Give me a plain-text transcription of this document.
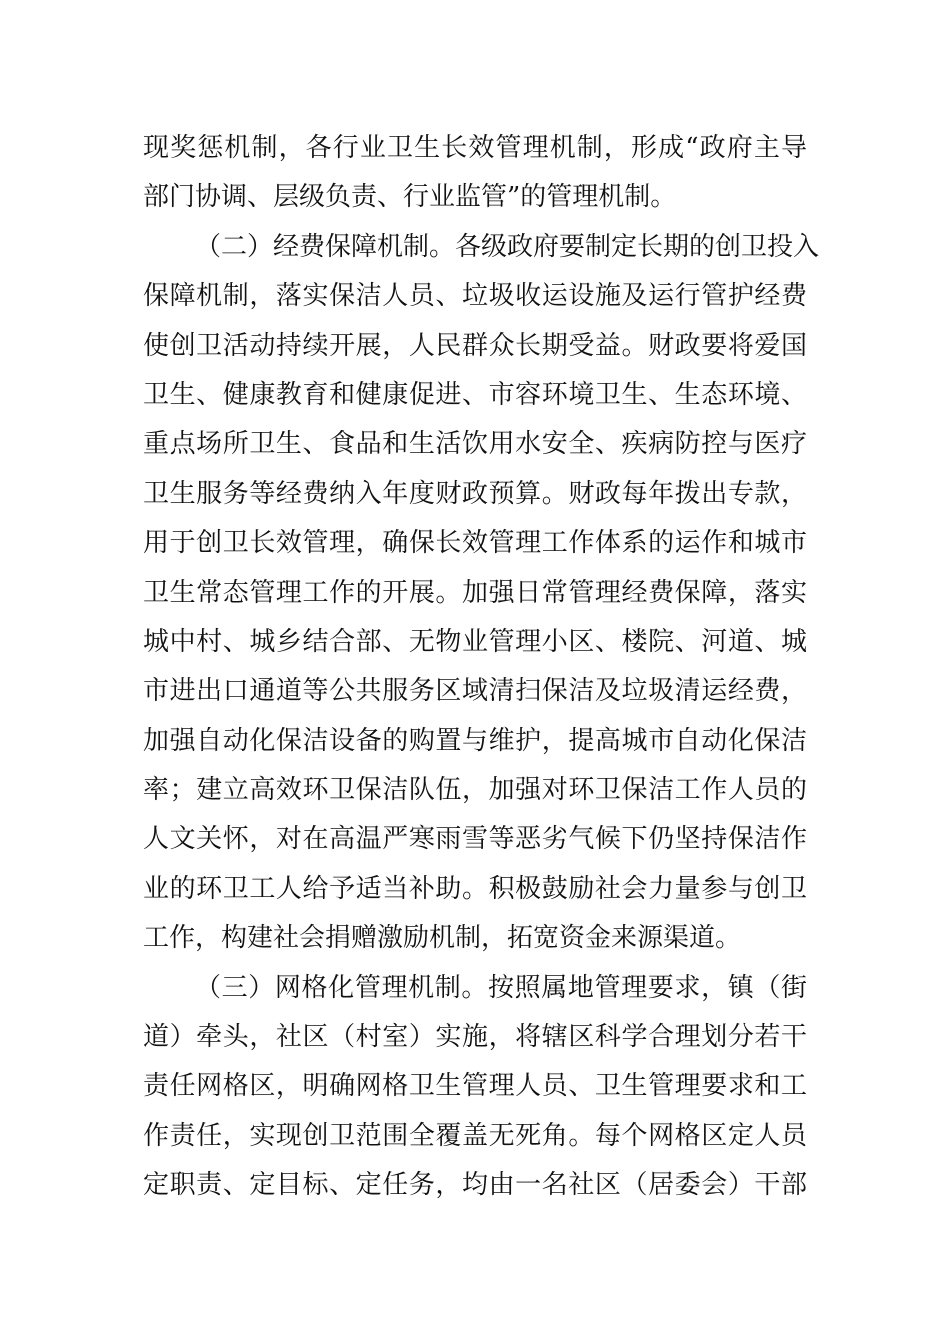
现奖惩机制，各行业卫生长效管理机制，形成“政府主导
部门协调、层级负责、行业监管”的管理机制。
（二）经费保障机制。各级政府要制定长期的创卫投入
保障机制，落实保洁人员、垃圾收运设施及运行管护经费
使创卫活动持续开展，人民群众长期受益。财政要将爱国
卫生、健康教育和健康促进、市容环境卫生、生态环境、
重点场所卫生、食品和生活饮用水安全、疾病防控与医疗
卫生服务等经费纳入年度财政预算。财政每年拨出专款，
用于创卫长效管理，确保长效管理工作体系的运作和城市
卫生常态管理工作的开展。加强日常管理经费保障，落实
城中村、城乡结合部、无物业管理小区、楼院、河道、城
市进出口通道等公共服务区域清扫保洁及垃圾清运经费，
加强自动化保洁设备的购置与维护，提高城市自动化保洁
率；建立高效环卫保洁队伍，加强对环卫保洁工作人员的
人文关怀，对在高温严寒雨雪等恶劣气候下仍坚持保洁作
业的环卫工人给予适当补助。积极鼓励社会力量参与创卫
工作，构建社会捐赠激励机制，拓宽资金来源渠道。
（三）网格化管理机制。按照属地管理要求，镇（街
道）牵头，社区（村室）实施，将辖区科学合理划分若干
责任网格区，明确网格卫生管理人员、卫生管理要求和工
作责任，实现创卫范围全覆盖无死角。每个网格区定人员
定职责、定目标、定任务，均由一名社区（居委会）干部
